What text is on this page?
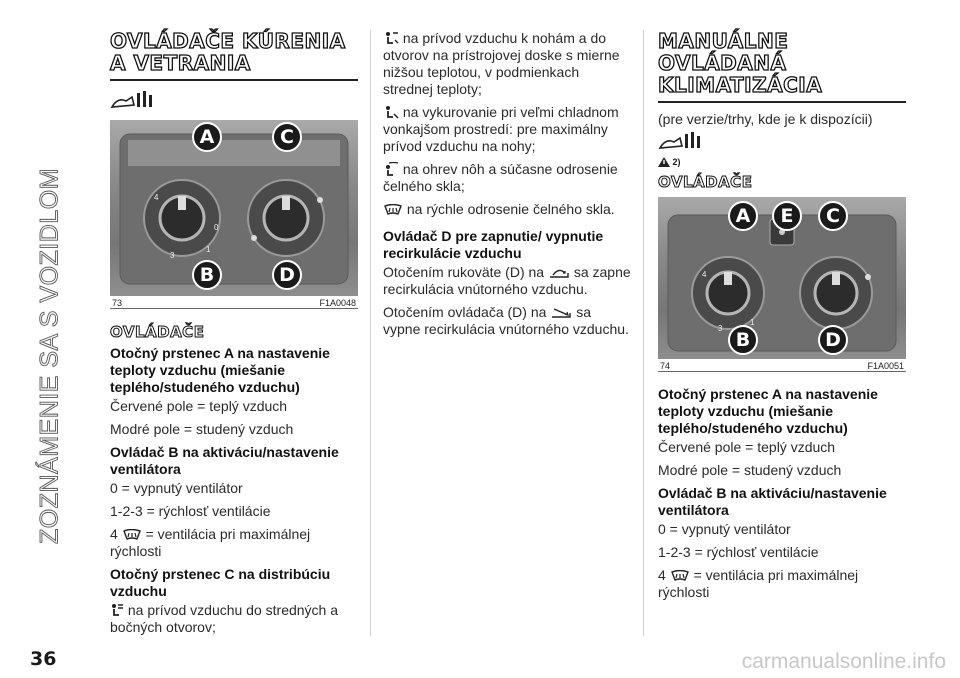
ZOZNÁMENIE SA S VOZIDLOM
OVLÁDAČE KÚRENIA
A VETRANIA
4
3
1
0
A	C
B	D
73	F1A0048
OVLÁDAČE

Otočný prstenec A na nastavenie teploty vzduchu (miešanie teplého/studeného vzduchu)

Červené pole = teplý vzduch

Modré pole = studený vzduch

Ovládač B na aktiváciu/nastavenie ventilátora

0 = vypnutý ventilátor

1-2-3 = rýchlosť ventilácie

4 = ventilácia pri maximálnej rýchlosti

Otočný prstenec C na distribúciu vzduchu

na prívod vzduchu do stredných a bočných otvorov;

na prívod vzduchu k nohám a do otvorov na prístrojovej doske s mierne nižšou teplotou, v podmienkach strednej teploty;

na vykurovanie pri veľmi chladnom vonkajšom prostredí: pre maximálny prívod vzduchu na nohy;

na ohrev nôh a súčasne odrosenie čelného skla;

na rýchle odrosenie čelného skla.

Ovládač D pre zapnutie/ vypnutie recirkulácie vzduchu

Otočením rukoväte (D) na sa zapne recirkulácia vnútorného vzduchu.

Otočením ovládača (D) na sa vypne recirkulácia vnútorného vzduchu.

MANUÁLNE
OVLÁDANÁ
KLIMATIZÁCIA

(pre verzie/trhy, kde je k dispozícii)

2)
OVLÁDAČE
4
3
1
A	E	C
B	D
74	F1A0051

Otočný prstenec A na nastavenie teploty vzduchu (miešanie teplého/studeného vzduchu)

Červené pole = teplý vzduch

Modré pole = studený vzduch

Ovládač B na aktiváciu/nastavenie ventilátora

0 = vypnutý ventilátor

1-2-3 = rýchlosť ventilácie

4 = ventilácia pri maximálnej rýchlosti

36	carmanualsonline.info
